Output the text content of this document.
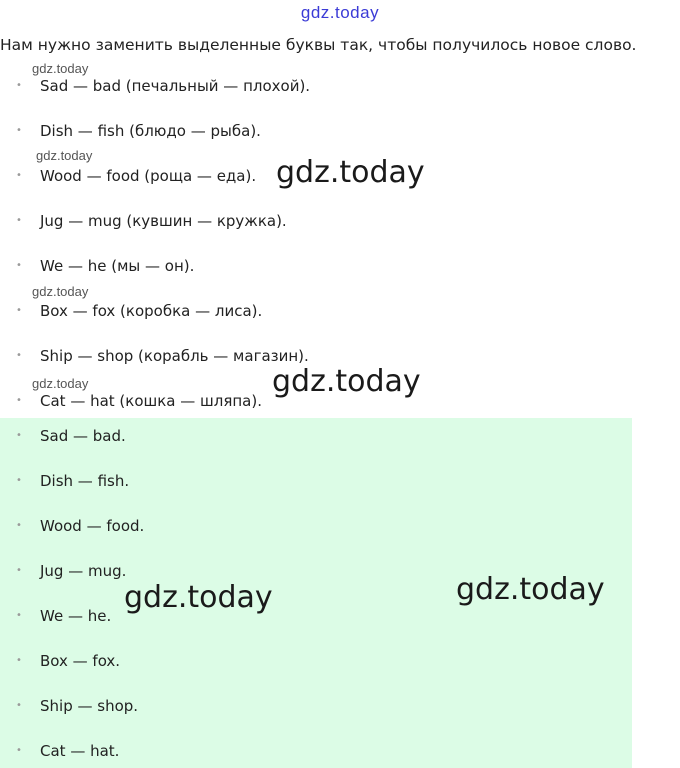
gdz.today
Нам нужно заменить выделенные буквы так, чтобы получилось новое слово.
gdz.today
gdz.today
gdz.today
gdz.today
• Sad — bad (печальный — плохой).
• Dish — fish (блюдо — рыба).
• Wood — food (роща — еда).
• Jug — mug (кувшин — кружка).
• We — he (мы — он).
• Box — fox (коробка — лиса).
• Ship — shop (корабль — магазин).
• Cat — hat (кошка — шляпа).
• Sad — bad.
• Dish — fish.
• Wood — food.
• Jug — mug.
• We — he.
• Box — fox.
• Ship — shop.
• Cat — hat.
gdz.today
gdz.today
gdz.today	gdz.today
